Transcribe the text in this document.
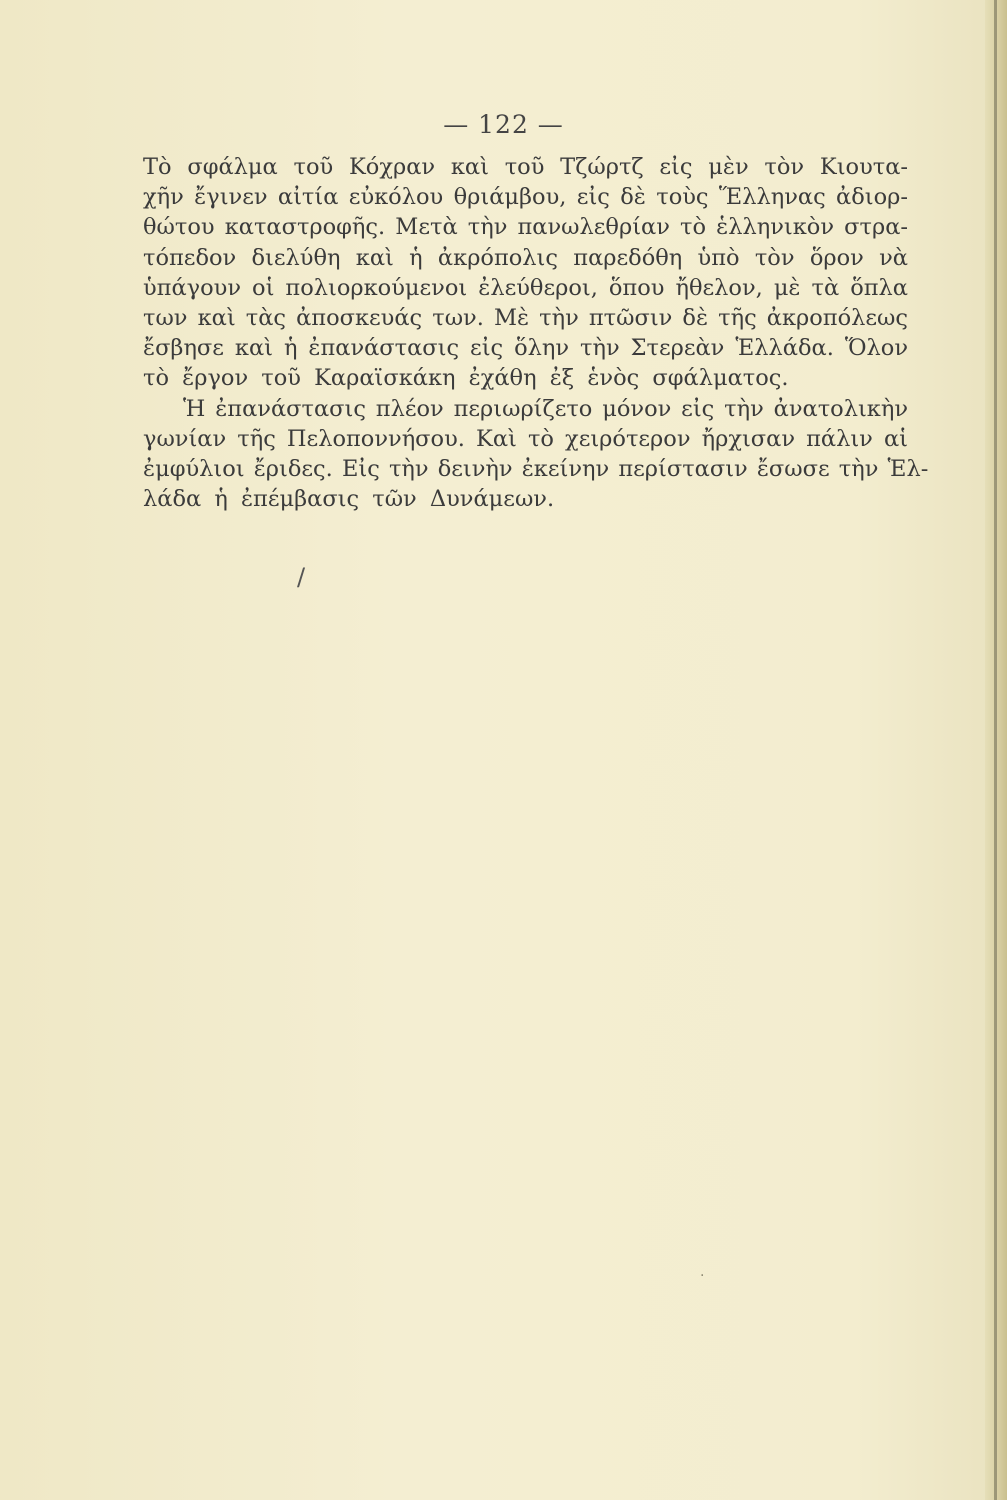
— 122 —
Τὸ σφάλμα τοῦ Κόχραν καὶ τοῦ Τζώρτζ εἰς μὲν τὸν Κιουτα-
χῆν ἔγινεν αἰτία εὐκόλου θριάμβου, εἰς δὲ τοὺς Ἕλληνας ἀδιορ-
θώτου καταστροφῆς. Μετὰ τὴν πανωλεθρίαν τὸ ἑλληνικὸν στρα-
τόπεδον διελύθη καὶ ἡ ἀκρόπολις παρεδόθη ὑπὸ τὸν ὅρον νὰ
ὑπάγουν οἱ πολιορκούμενοι ἐλεύθεροι, ὅπου ἤθελον, μὲ τὰ ὅπλα
των καὶ τὰς ἀποσκευάς των. Μὲ τὴν πτῶσιν δὲ τῆς ἀκροπόλεως
ἔσβησε καὶ ἡ ἐπανάστασις εἰς ὅλην τὴν Στερεὰν Ἑλλάδα. Ὅλον
τὸ ἔργον τοῦ Καραϊσκάκη ἐχάθη ἐξ ἑνὸς σφάλματος.
Ἡ ἐπανάστασις πλέον περιωρίζετο μόνον εἰς τὴν ἀνατολικὴν
γωνίαν τῆς Πελοποννήσου. Καὶ τὸ χειρότερον ἤρχισαν πάλιν αἱ
ἐμφύλιοι ἔριδες. Εἰς τὴν δεινὴν ἐκείνην περίστασιν ἔσωσε τὴν Ἑλ-
λάδα ἡ ἐπέμβασις τῶν Δυνάμεων.
/
·
